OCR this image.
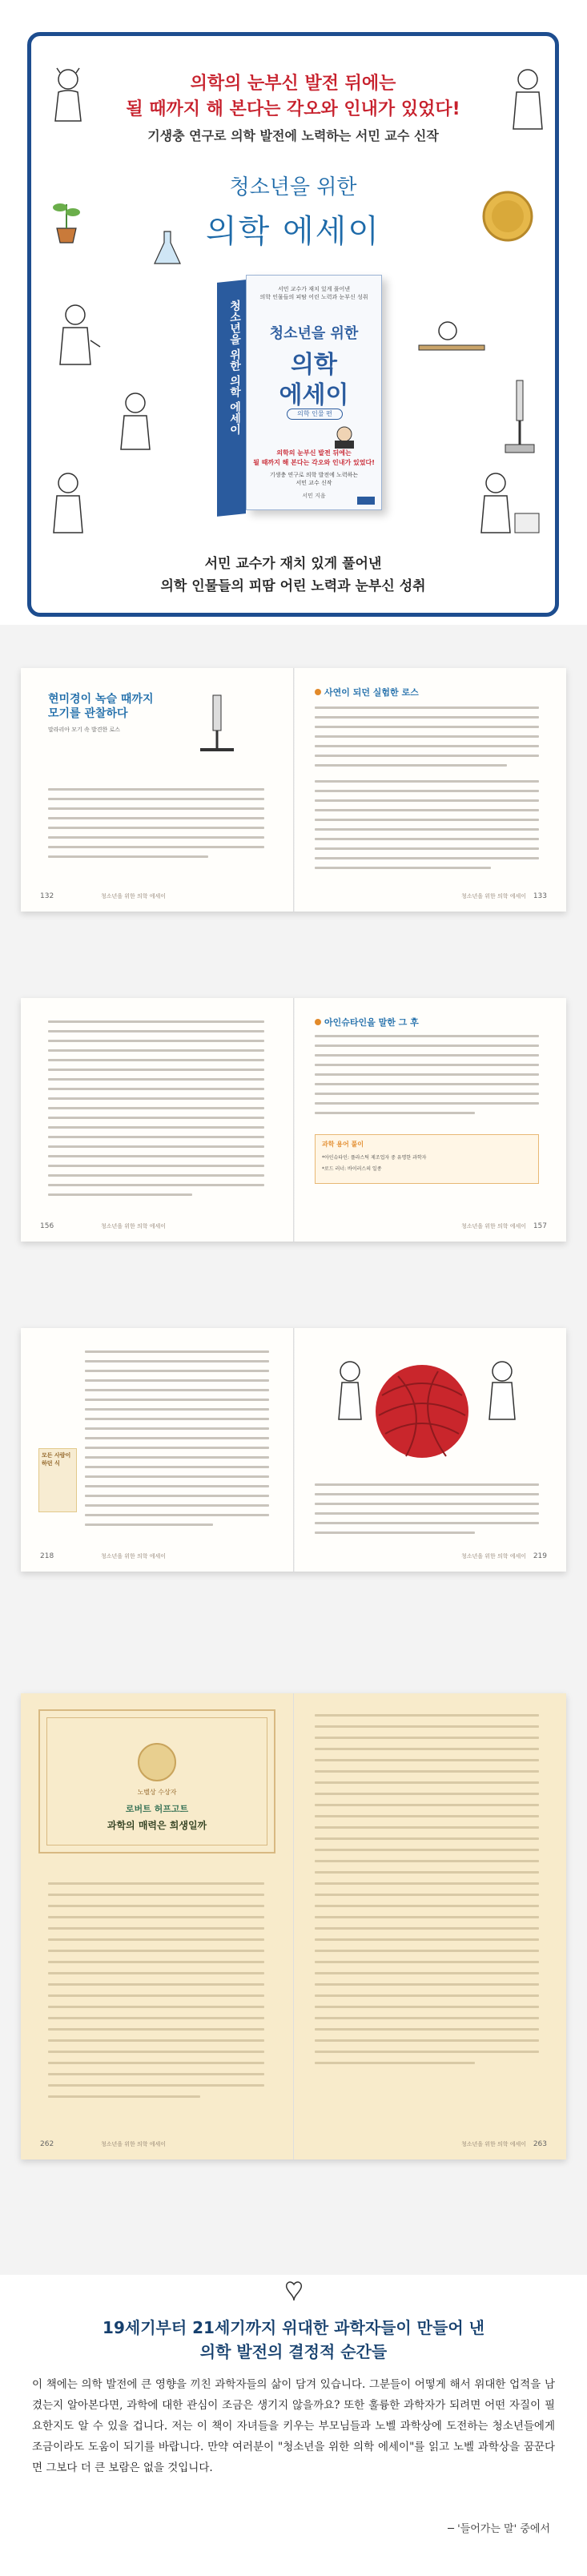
의학의 눈부신 발전 뒤에는
될 때까지 해 본다는 각오와 인내가 있었다!
기생충 연구로 의학 발전에 노력하는 서민 교수 신작
청소년을 위한
의학 에세이
청소년을 위한 의학 에세이
서민 교수가 재치 있게 풀어낸
의학 인물들의 피땀 어린 노력과 눈부신 성취
청소년을 위한
의학
에세이
의학 인물 편
의학의 눈부신 발전 뒤에는
될 때까지 해 본다는 각오와 인내가 있었다!
기생충 연구로 의학 발전에 노력하는
서민 교수 신작
서민 지음
서민 교수가 재치 있게 풀어낸
의학 인물들의 피땀 어린 노력과 눈부신 성취
현미경이 녹슬 때까지
모기를 관찰하다
말라리아 모기 속 발견한 로스
132	청소년을 위한 의학 에세이
사연이 되던 실험한 로스
133
청소년을 위한 의학 에세이
156	청소년을 위한 의학 에세이
아인슈타인을 말한 그 후
과학 용어 풀이
*아인슈타인: 플라스틱 제조업자 중 유명한 과학자
*로드 러너: 바이러스의 일종
157
청소년을 위한 의학 에세이
모든 사람이 하던 식
218	청소년을 위한 의학 에세이	219
청소년을 위한 의학 에세이
노벨상 수상자
로버트 허프고트
과학의 매력은 희생일까
262	청소년을 위한 의학 에세이	263
청소년을 위한 의학 에세이
19세기부터 21세기까지 위대한 과학자들이 만들어 낸
의학 발전의 결정적 순간들
이 책에는 의학 발전에 큰 영향을 끼친 과학자들의 삶이 담겨 있습니다. 그분들이 어떻게 해서 위대한 업적을 남겼는지 알아본다면, 과학에 대한 관심이 조금은 생기지 않을까요? 또한 훌륭한 과학자가 되려면 어떤 자질이 필요한지도 알 수 있을 겁니다. 저는 이 책이 자녀들을 키우는 부모님들과 노벨 과학상에 도전하는 청소년들에게 조금이라도 도움이 되기를 바랍니다. 만약 여러분이 "청소년을 위한 의학 에세이"를 읽고 노벨 과학상을 꿈꾼다면 그보다 더 큰 보람은 없을 것입니다.
─ '들어가는 말' 중에서
